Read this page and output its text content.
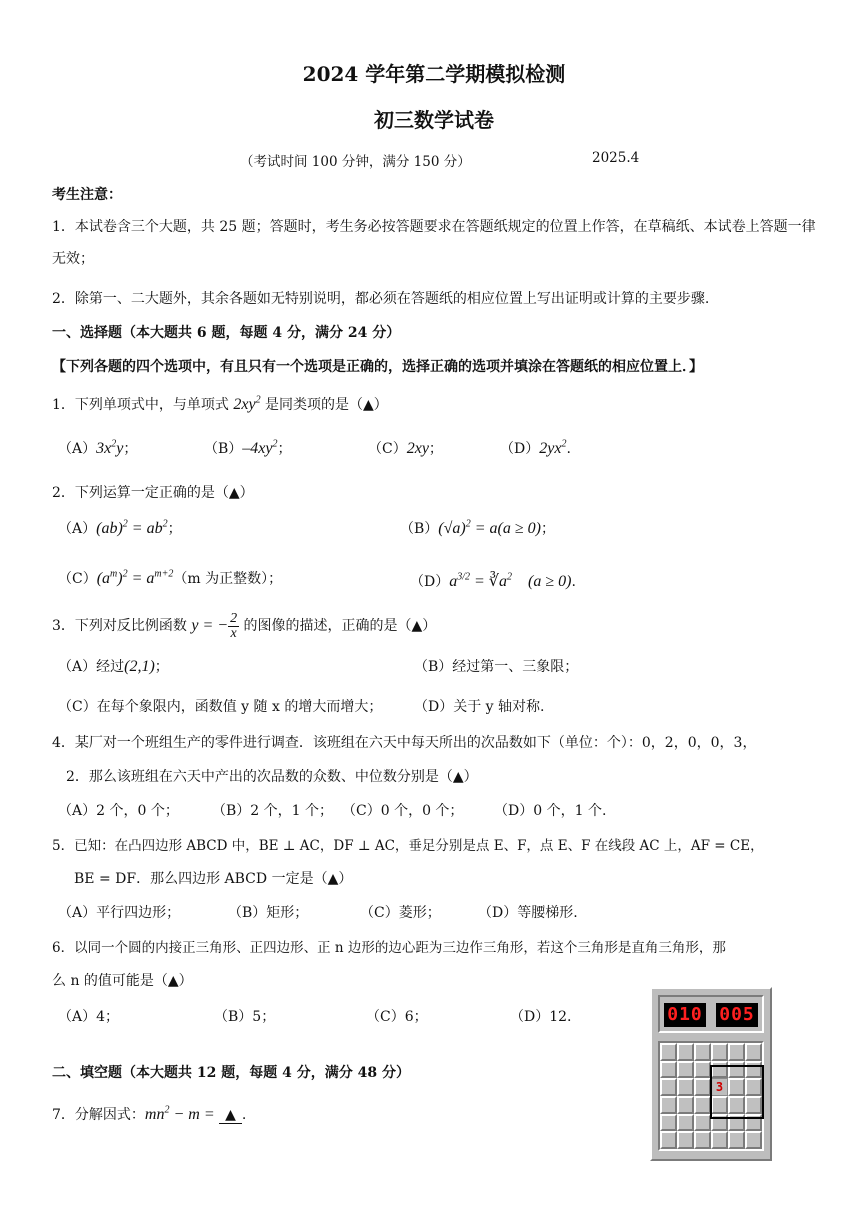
2024 学年第二学期模拟检测
初三数学试卷
（考试时间 100 分钟，满分 150 分）	2025.4
考生注意：
1．本试卷含三个大题，共 25 题；答题时，考生务必按答题要求在答题纸规定的位置上作答，在草稿纸、本试卷上答题一律无效；
2．除第一、二大题外，其余各题如无特别说明，都必须在答题纸的相应位置上写出证明或计算的主要步骤.
一、选择题（本大题共 6 题，每题 4 分，满分 24 分）
【下列各题的四个选项中，有且只有一个选项是正确的，选择正确的选项并填涂在答题纸的相应位置上．】
1．下列单项式中，与单项式 $2xy^2$ 是同类项的是（▲）
$(A)3x^2y$；	$(B)-4xy^2$；	（C）2xy；	$(D)2yx^2$.
2．下列运算一定正确的是（▲）
$(A)(ab)^2 = ab^2$；	$(B)(√a)^2 = a(a \ge 0)$；
$(C)(a^m)^2 = a^{m+2}(m$ 为正整数）；	$(D)a^{3/2}$ = $∛a^2$　(a ≥ 0).
3．下列对反比例函数 y = − $\frac{2}{x}$ 的图像的描述，正确的是（▲）
（A）经过(2,1)；	（B）经过第一、三象限；
（C）在每个象限内，函数值 y 随 x 的增大而增大； （D）关于 y 轴对称.
4．某厂对一个班组生产的零件进行调查．该班组在六天中每天所出的次品数如下（单位：个）：0，2，0，0，3，
2．那么该班组在六天中产出的次品数的众数、中位数分别是（▲）
（A）2 个，0 个； （B）2 个，1 个； （C）0 个，0 个； （D）0 个，1 个.
5．已知：在凸四边形 ABCD 中，BE ⊥ AC，DF ⊥ AC，垂足分别是点 E、F，点 E、F 在线段 AC 上，AF = CE，
BE = DF．那么四边形 ABCD 一定是（▲）
（A）平行四边形；	（B）矩形；	（C）菱形；	（D）等腰梯形.
6．以同一个圆的内接正三角形、正四边形、正 n 边形的边心距为三边作三角形，若这个三角形是直角三角形，那
么 n 的值可能是（▲）
（A）4；	（B）5；	（C）6；	（D）12.
二、填空题（本大题共 12 题，每题 4 分，满分 48 分）
7．分解因式：$mn^2 - m$ = ▲ .
010 005
3
